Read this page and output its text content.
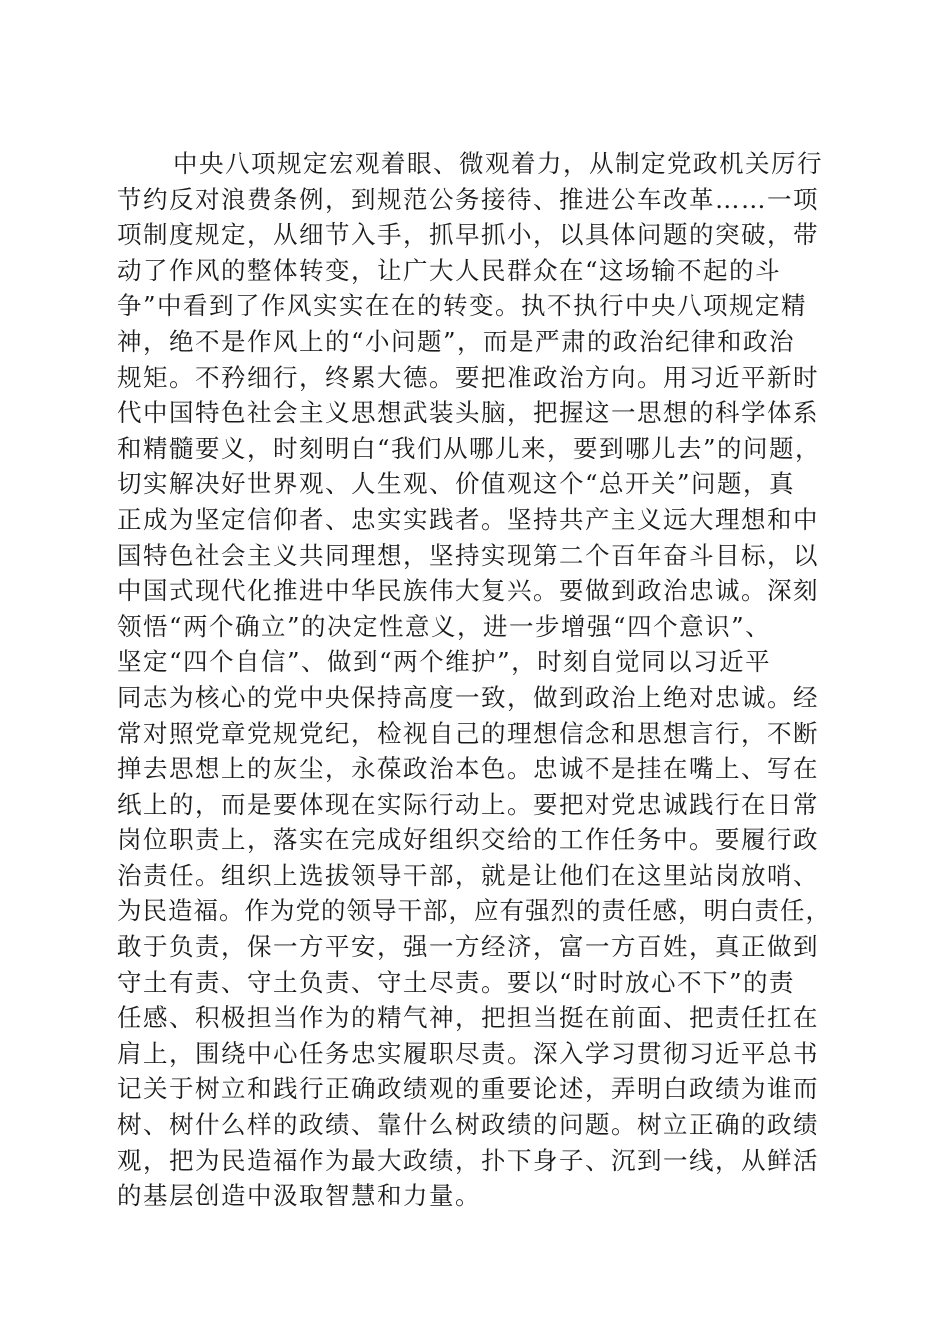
中央八项规定宏观着眼、微观着力，从制定党政机关厉行
节约反对浪费条例，到规范公务接待、推进公车改革……一项
项制度规定，从细节入手，抓早抓小，以具体问题的突破，带
动了作风的整体转变，让广大人民群众在“这场输不起的斗
争”中看到了作风实实在在的转变。执不执行中央八项规定精
神，绝不是作风上的“小问题”，而是严肃的政治纪律和政治
规矩。不矜细行，终累大德。要把准政治方向。用习近平新时
代中国特色社会主义思想武装头脑，把握这一思想的科学体系
和精髓要义，时刻明白“我们从哪儿来，要到哪儿去”的问题，
切实解决好世界观、人生观、价值观这个“总开关”问题，真
正成为坚定信仰者、忠实实践者。坚持共产主义远大理想和中
国特色社会主义共同理想，坚持实现第二个百年奋斗目标，以
中国式现代化推进中华民族伟大复兴。要做到政治忠诚。深刻
领悟“两个确立”的决定性意义，进一步增强“四个意识”、
坚定“四个自信”、做到“两个维护”，时刻自觉同以习近平
同志为核心的党中央保持高度一致，做到政治上绝对忠诚。经
常对照党章党规党纪，检视自己的理想信念和思想言行，不断
掸去思想上的灰尘，永葆政治本色。忠诚不是挂在嘴上、写在
纸上的，而是要体现在实际行动上。要把对党忠诚践行在日常
岗位职责上，落实在完成好组织交给的工作任务中。要履行政
治责任。组织上选拔领导干部，就是让他们在这里站岗放哨、
为民造福。作为党的领导干部，应有强烈的责任感，明白责任，
敢于负责，保一方平安，强一方经济，富一方百姓，真正做到
守土有责、守土负责、守土尽责。要以“时时放心不下”的责
任感、积极担当作为的精气神，把担当挺在前面、把责任扛在
肩上，围绕中心任务忠实履职尽责。深入学习贯彻习近平总书
记关于树立和践行正确政绩观的重要论述，弄明白政绩为谁而
树、树什么样的政绩、靠什么树政绩的问题。树立正确的政绩
观，把为民造福作为最大政绩，扑下身子、沉到一线，从鲜活
的基层创造中汲取智慧和力量。
